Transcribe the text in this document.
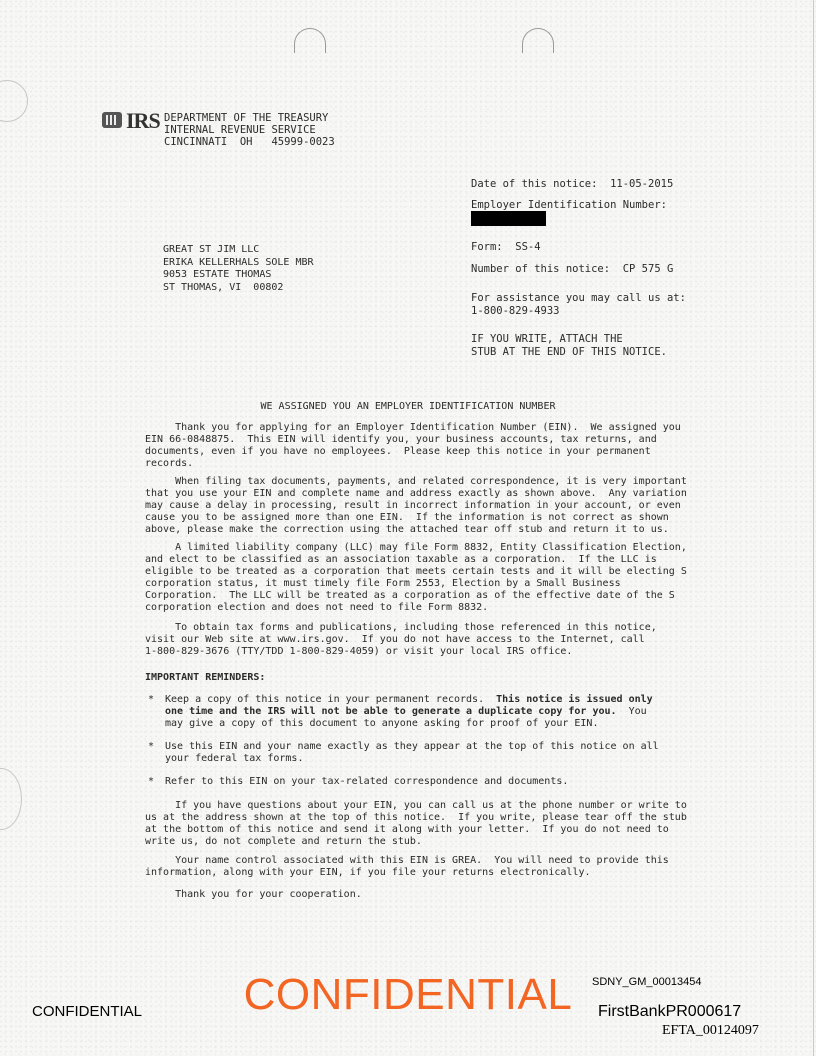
IRS DEPARTMENT OF THE TREASURY
INTERNAL REVENUE SERVICE
CINCINNATI  OH   45999-0023
Date of this notice:  11-05-2015
Employer Identification Number:
Form:  SS-4
Number of this notice:  CP 575 G
For assistance you may call us at:
1-800-829-4933
IF YOU WRITE, ATTACH THE
STUB AT THE END OF THIS NOTICE.
GREAT ST JIM LLC
ERIKA KELLERHALS SOLE MBR
9053 ESTATE THOMAS
ST THOMAS, VI  00802
WE ASSIGNED YOU AN EMPLOYER IDENTIFICATION NUMBER
Thank you for applying for an Employer Identification Number (EIN).  We assigned you
EIN 66-0848875.  This EIN will identify you, your business accounts, tax returns, and
documents, even if you have no employees.  Please keep this notice in your permanent
records.
When filing tax documents, payments, and related correspondence, it is very important
that you use your EIN and complete name and address exactly as shown above.  Any variation
may cause a delay in processing, result in incorrect information in your account, or even
cause you to be assigned more than one EIN.  If the information is not correct as shown
above, please make the correction using the attached tear off stub and return it to us.
A limited liability company (LLC) may file Form 8832, Entity Classification Election,
and elect to be classified as an association taxable as a corporation.  If the LLC is
eligible to be treated as a corporation that meets certain tests and it will be electing S
corporation status, it must timely file Form 2553, Election by a Small Business
Corporation.  The LLC will be treated as a corporation as of the effective date of the S
corporation election and does not need to file Form 8832.
To obtain tax forms and publications, including those referenced in this notice,
visit our Web site at www.irs.gov.  If you do not have access to the Internet, call
1-800-829-3676 (TTY/TDD 1-800-829-4059) or visit your local IRS office.
IMPORTANT REMINDERS:
* Keep a copy of this notice in your permanent records.  This notice is issued only
one time and the IRS will not be able to generate a duplicate copy for you.  You
may give a copy of this document to anyone asking for proof of your EIN.
* Use this EIN and your name exactly as they appear at the top of this notice on all
your federal tax forms.
* Refer to this EIN on your tax-related correspondence and documents.
If you have questions about your EIN, you can call us at the phone number or write to
us at the address shown at the top of this notice.  If you write, please tear off the stub
at the bottom of this notice and send it along with your letter.  If you do not need to
write us, do not complete and return the stub.
Your name control associated with this EIN is GREA.  You will need to provide this
information, along with your EIN, if you file your returns electronically.
Thank you for your cooperation.
SDNY_GM_00013454
CONFIDENTIAL
CONFIDENTIAL	FirstBankPR000617
EFTA_00124097
